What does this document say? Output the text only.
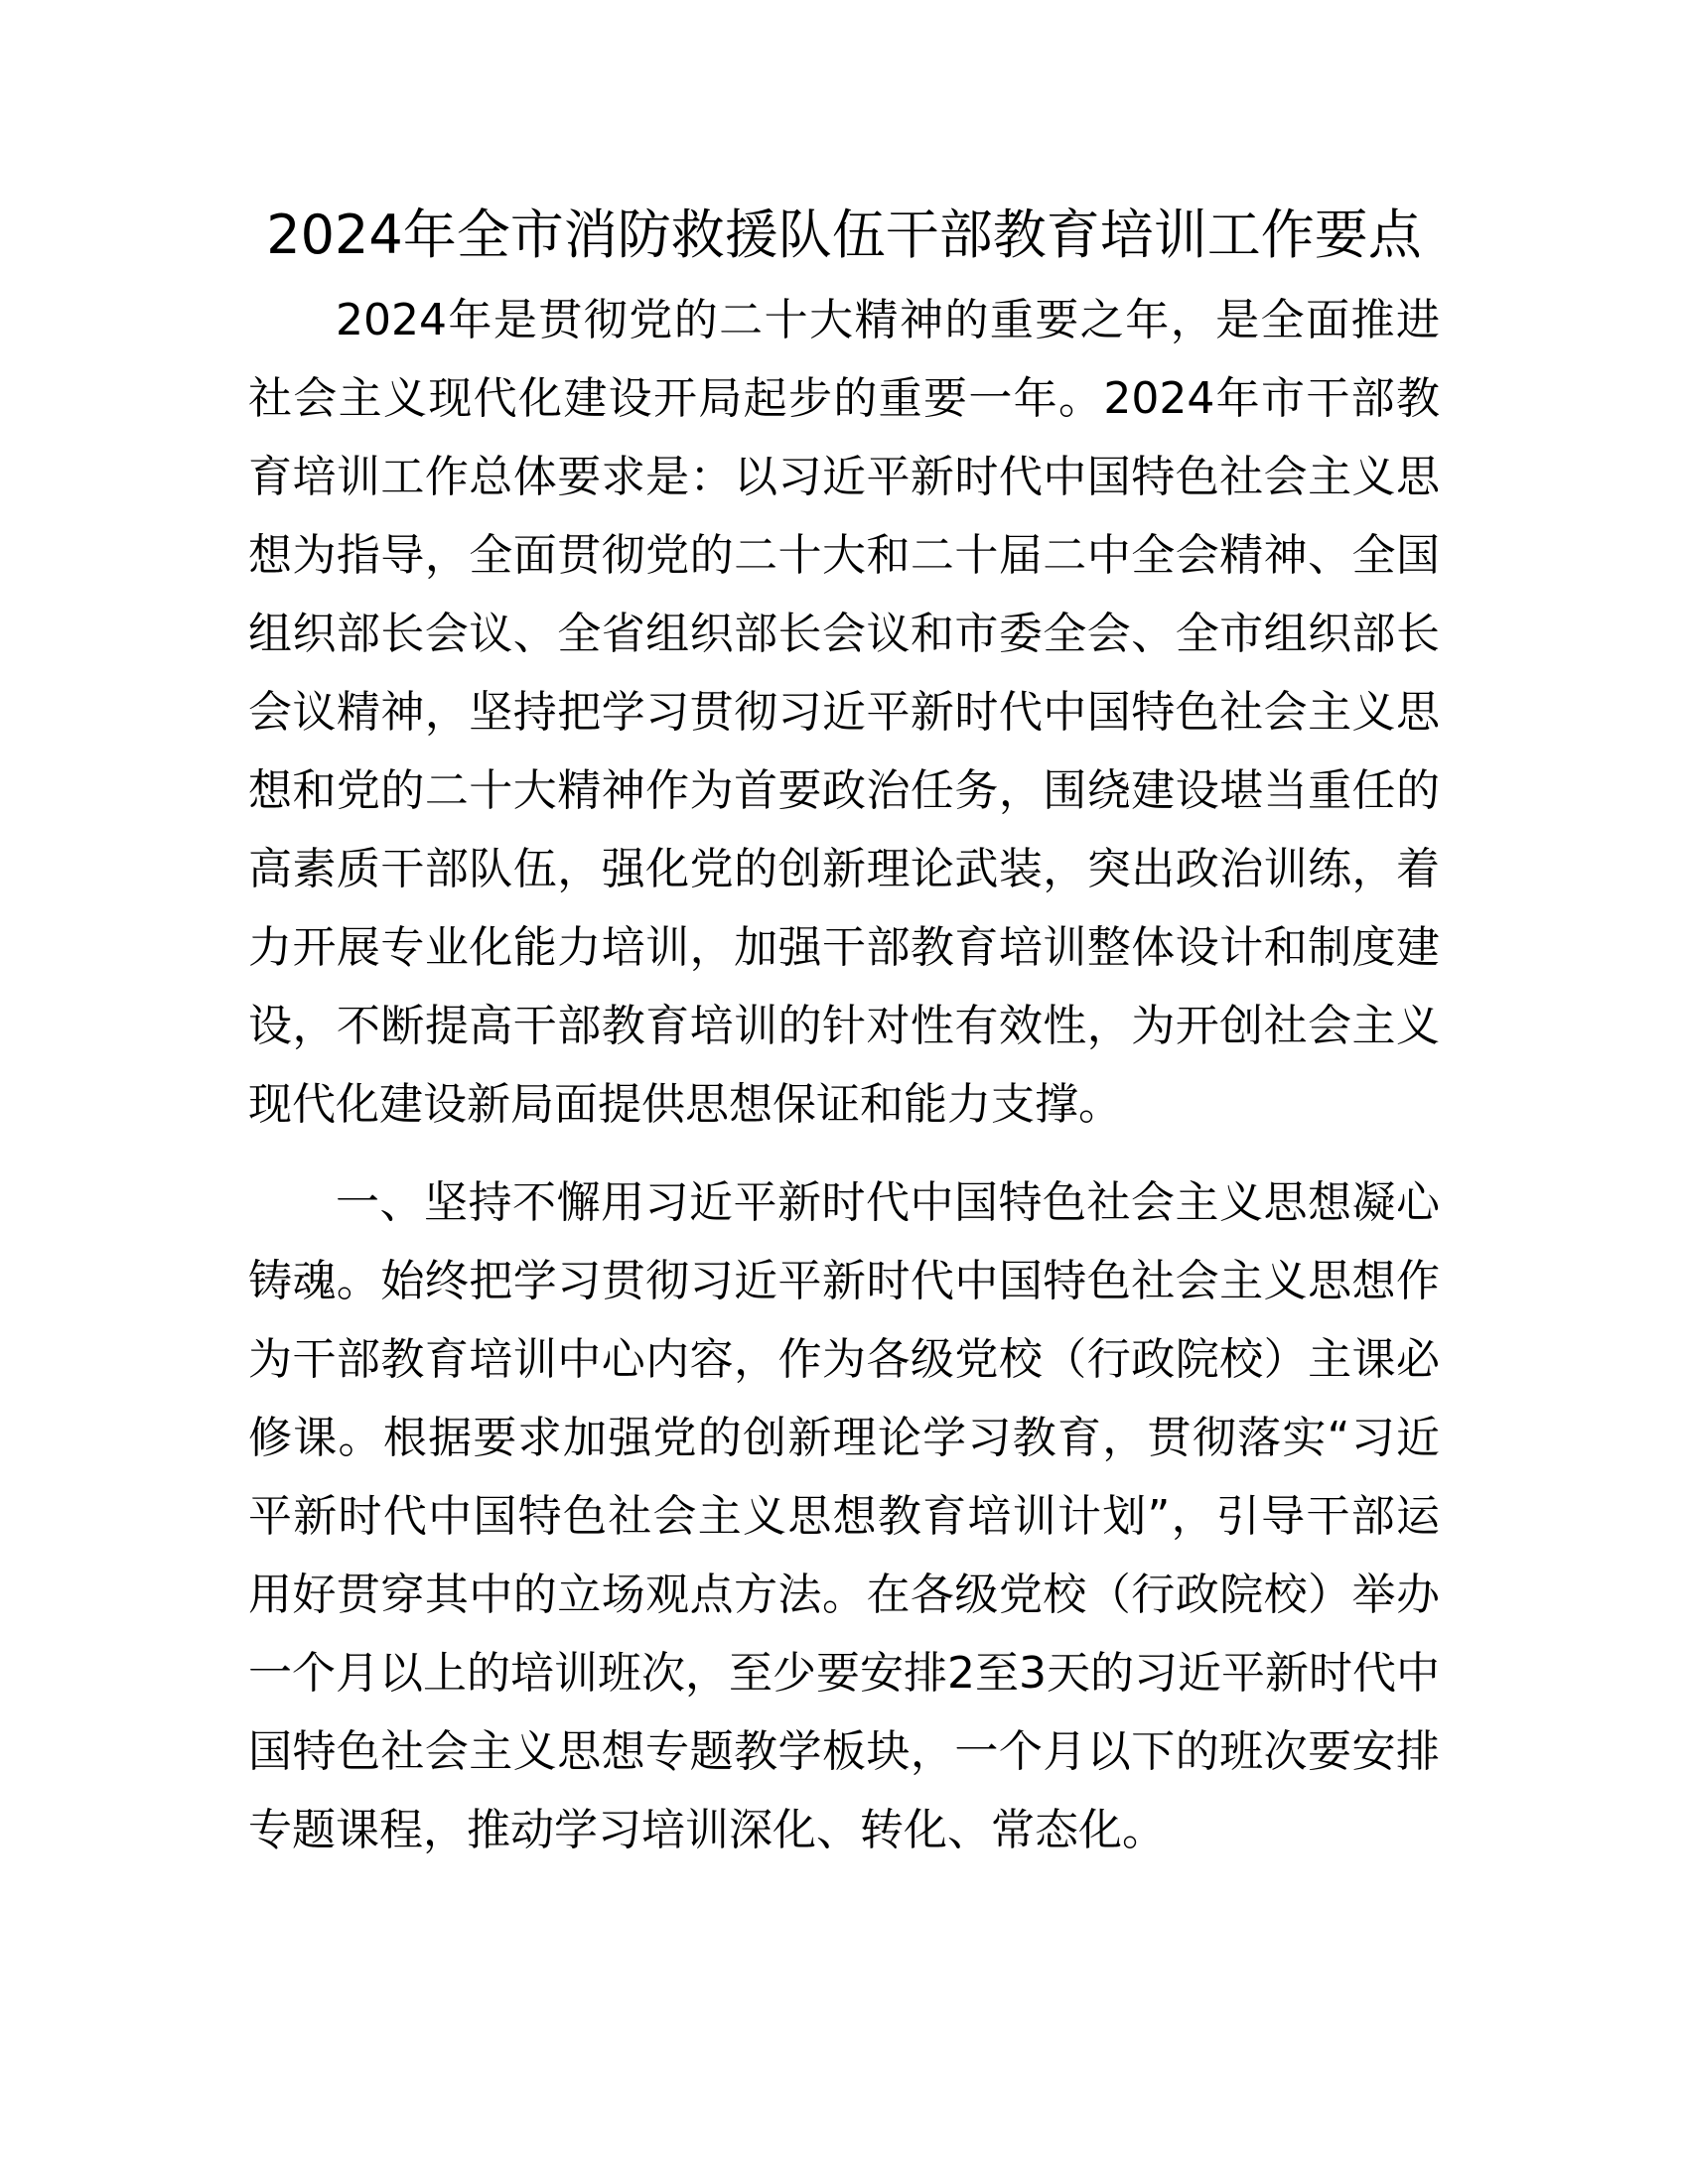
2024年全市消防救援队伍干部教育培训工作要点

2024年是贯彻党的二十大精神的重要之年，是全面推进社会主义现代化建设开局起步的重要一年。2024年市干部教育培训工作总体要求是：以习近平新时代中国特色社会主义思想为指导，全面贯彻党的二十大和二十届二中全会精神、全国组织部长会议、全省组织部长会议和市委全会、全市组织部长会议精神，坚持把学习贯彻习近平新时代中国特色社会主义思想和党的二十大精神作为首要政治任务，围绕建设堪当重任的高素质干部队伍，强化党的创新理论武装，突出政治训练，着力开展专业化能力培训，加强干部教育培训整体设计和制度建设，不断提高干部教育培训的针对性有效性，为开创社会主义现代化建设新局面提供思想保证和能力支撑。

一、坚持不懈用习近平新时代中国特色社会主义思想凝心铸魂。始终把学习贯彻习近平新时代中国特色社会主义思想作为干部教育培训中心内容，作为各级党校（行政院校）主课必修课。根据要求加强党的创新理论学习教育，贯彻落实“习近平新时代中国特色社会主义思想教育培训计划”，引导干部运用好贯穿其中的立场观点方法。在各级党校（行政院校）举办一个月以上的培训班次，至少要安排2至3天的习近平新时代中国特色社会主义思想专题教学板块，一个月以下的班次要安排专题课程，推动学习培训深化、转化、常态化。
